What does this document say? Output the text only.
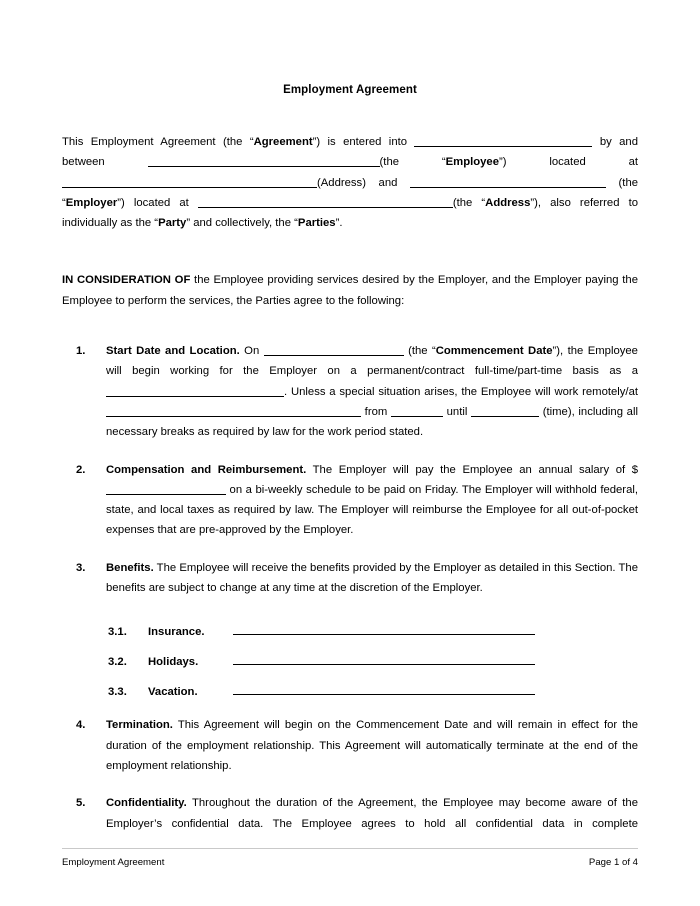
Employment Agreement

This Employment Agreement (the “Agreement”) is entered into	by and between	(the “Employee”) located at (Address) and	(the “Employer”) located at	(the “Address”), also referred to individually as the “Party” and collectively, the “Parties”.

IN CONSIDERATION OF the Employee providing services desired by the Employer, and the Employer paying the Employee to perform the services, the Parties agree to the following:

1. Start Date and Location. On	(the “Commencement Date”), the Employee will begin working for the Employer on a permanent/contract full-time/part-time basis as a . Unless a special situation arises, the Employee will work remotely/at  from	until	(time), including all necessary breaks as required by law for the work period stated.
2. Compensation and Reimbursement. The Employer will pay the Employee an annual salary of $ on a bi-weekly schedule to be paid on Friday. The Employer will withhold federal, state, and local taxes as required by law. The Employer will reimburse the Employee for all out-of-pocket expenses that are pre-approved by the Employer.
3. Benefits. The Employee will receive the benefits provided by the Employer as detailed in this Section. The benefits are subject to change at any time at the discretion of the Employer.
3.1.	Insurance.
3.2.	Holidays.
3.3.	Vacation.
4. Termination. This Agreement will begin on the Commencement Date and will remain in effect for the duration of the employment relationship. This Agreement will automatically terminate at the end of the employment relationship.
5. Confidentiality. Throughout the duration of the Agreement, the Employee may become aware of the Employer’s confidential data. The Employee agrees to hold all confidential data in complete
Employment Agreement	Page 1 of 4
